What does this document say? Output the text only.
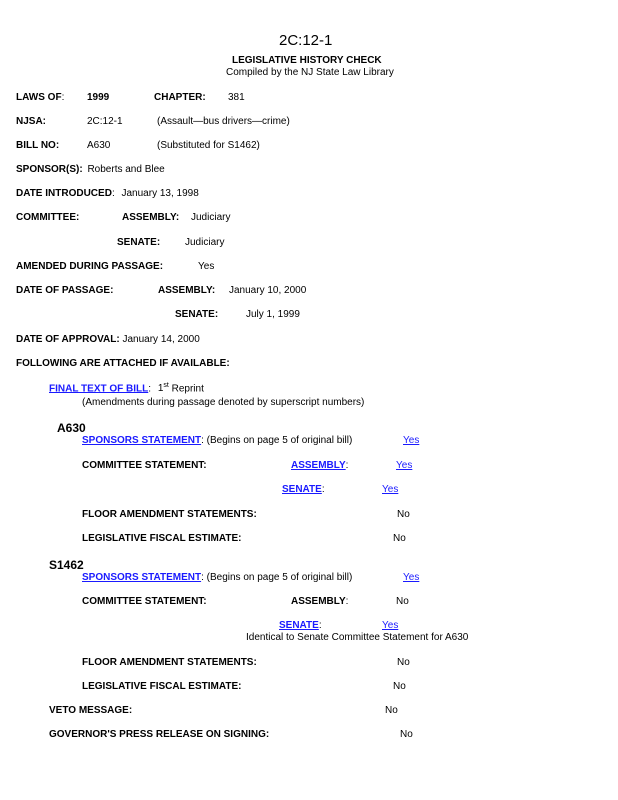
2C:12-1
LEGISLATIVE HISTORY CHECK
Compiled by the NJ State Law Library
LAWS OF: 1999	CHAPTER: 381
NJSA:	2C:12-1	(Assault—bus drivers—crime)
BILL NO:	A630	(Substituted for S1462)
SPONSOR(S): Roberts and Blee
DATE INTRODUCED: January 13, 1998
COMMITTEE:	ASSEMBLY: Judiciary
SENATE: Judiciary
AMENDED DURING PASSAGE:	Yes
DATE OF PASSAGE:	ASSEMBLY: January 10, 2000
SENATE:	July 1, 1999
DATE OF APPROVAL: January 14, 2000
FOLLOWING ARE ATTACHED IF AVAILABLE:
FINAL TEXT OF BILL: 1st Reprint
(Amendments during passage denoted by superscript numbers)
A630
SPONSORS STATEMENT: (Begins on page 5 of original bill)	Yes
COMMITTEE STATEMENT:	ASSEMBLY:	Yes
SENATE:	Yes
FLOOR AMENDMENT STATEMENTS:	No
LEGISLATIVE FISCAL ESTIMATE:	No
S1462
SPONSORS STATEMENT: (Begins on page 5 of original bill)	Yes
COMMITTEE STATEMENT:	ASSEMBLY:	No
SENATE:	Yes
Identical to Senate Committee Statement for A630
FLOOR AMENDMENT STATEMENTS:	No
LEGISLATIVE FISCAL ESTIMATE:	No
VETO MESSAGE:	No
GOVERNOR'S PRESS RELEASE ON SIGNING:	No
